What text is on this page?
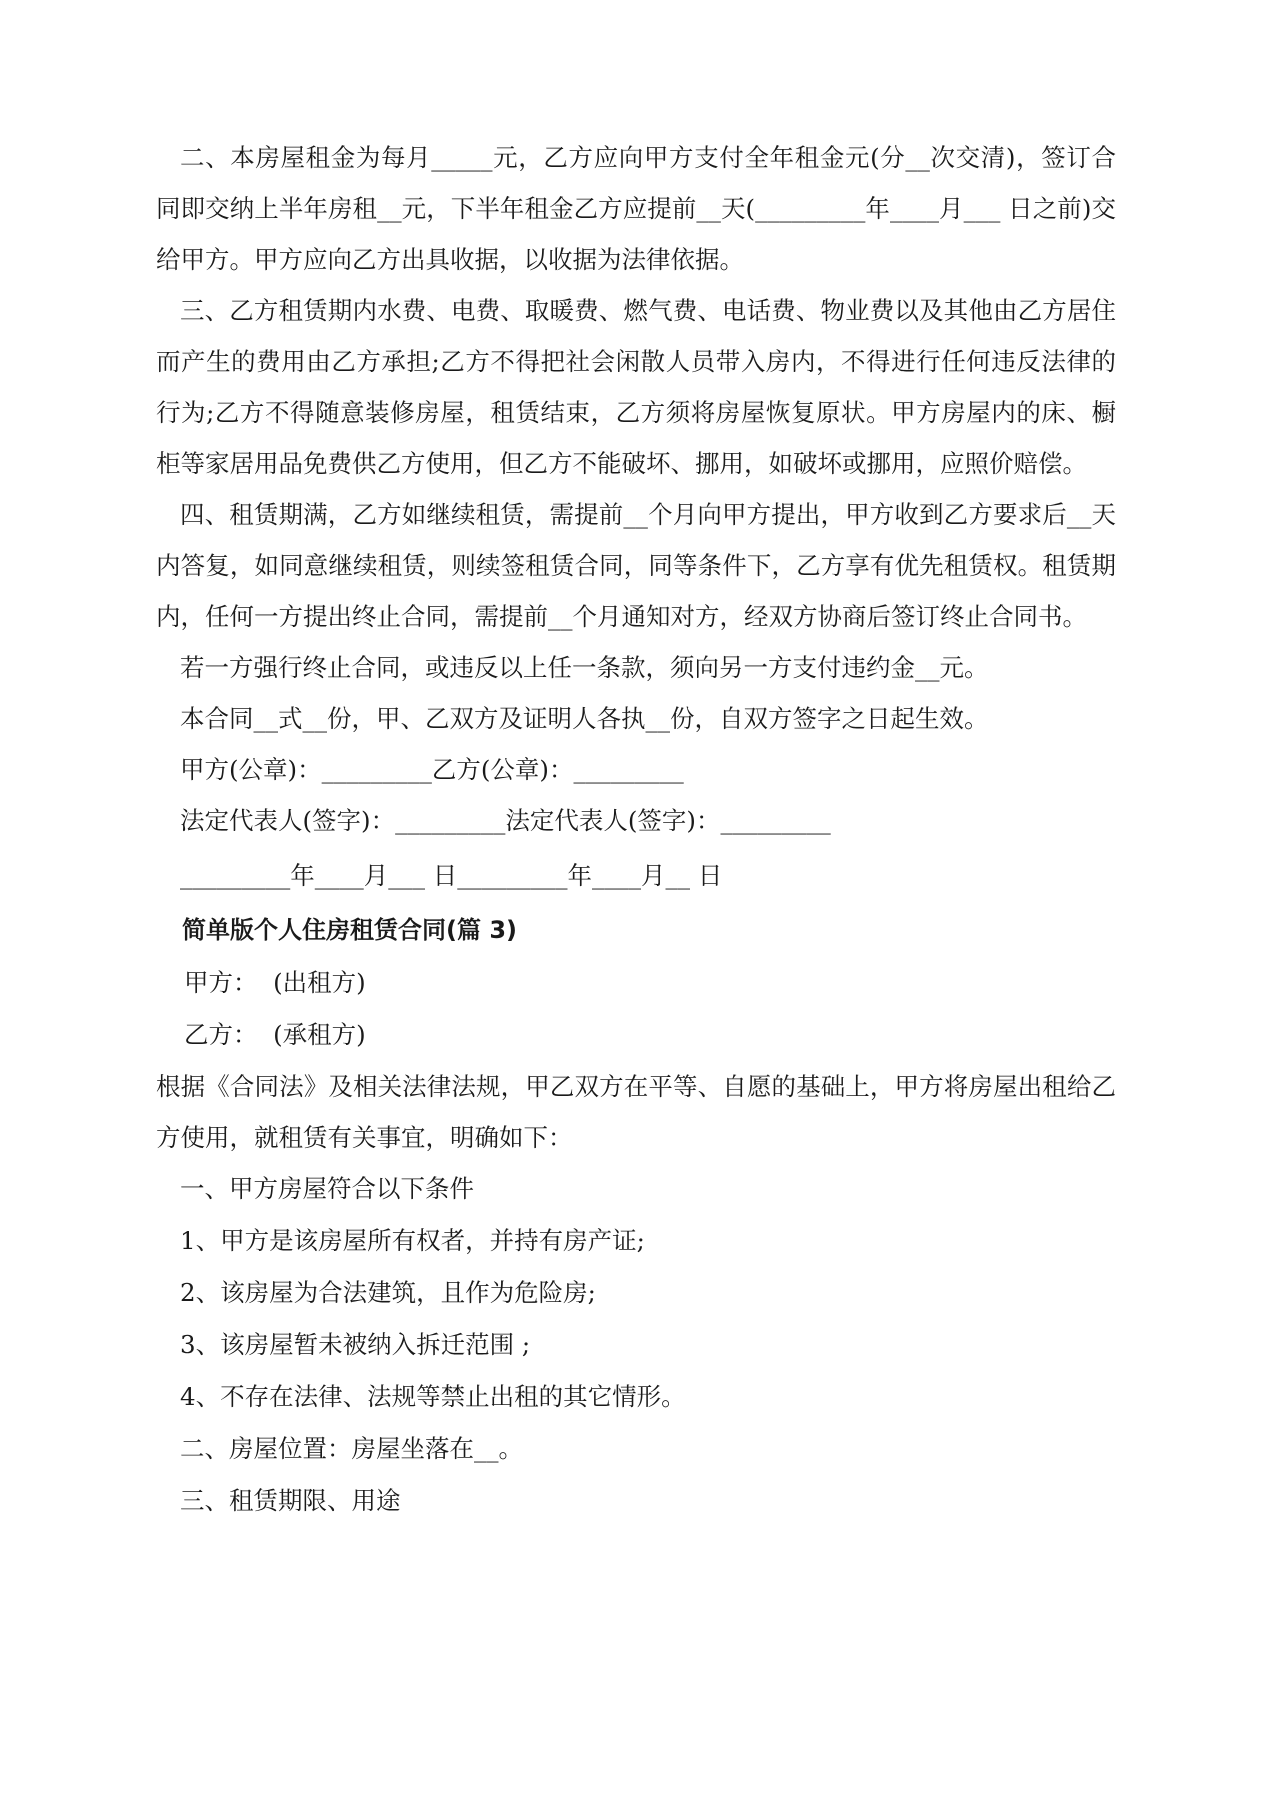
二、本房屋租金为每月_____元，乙方应向甲方支付全年租金元(分__次交清)，签订合同即交纳上半年房租__元，下半年租金乙方应提前__天(_________年____月___ 日之前)交给甲方。甲方应向乙方出具收据，以收据为法律依据。

三、乙方租赁期内水费、电费、取暖费、燃气费、电话费、物业费以及其他由乙方居住而产生的费用由乙方承担;乙方不得把社会闲散人员带入房内，不得进行任何违反法律的行为;乙方不得随意装修房屋，租赁结束，乙方须将房屋恢复原状。甲方房屋内的床、橱柜等家居用品免费供乙方使用，但乙方不能破坏、挪用，如破坏或挪用，应照价赔偿。

四、租赁期满，乙方如继续租赁，需提前__个月向甲方提出，甲方收到乙方要求后__天内答复，如同意继续租赁，则续签租赁合同，同等条件下，乙方享有优先租赁权。租赁期内，任何一方提出终止合同，需提前__个月通知对方，经双方协商后签订终止合同书。

若一方强行终止合同，或违反以上任一条款，须向另一方支付违约金__元。

本合同__式__份，甲、乙双方及证明人各执__份，自双方签字之日起生效。

甲方(公章)：_________乙方(公章)：_________

法定代表人(签字)：_________法定代表人(签字)：_________

_________年____月___ 日_________年____月__ 日

简单版个人住房租赁合同(篇 3)

甲方：  (出租方)

乙方：  (承租方)

根据《合同法》及相关法律法规，甲乙双方在平等、自愿的基础上，甲方将房屋出租给乙方使用，就租赁有关事宜，明确如下：

一、甲方房屋符合以下条件

1、甲方是该房屋所有权者，并持有房产证;

2、该房屋为合法建筑，且作为危险房;

3、该房屋暂未被纳入拆迁范围 ;

4、不存在法律、法规等禁止出租的其它情形。

二、房屋位置：房屋坐落在__。

三、租赁期限、用途
